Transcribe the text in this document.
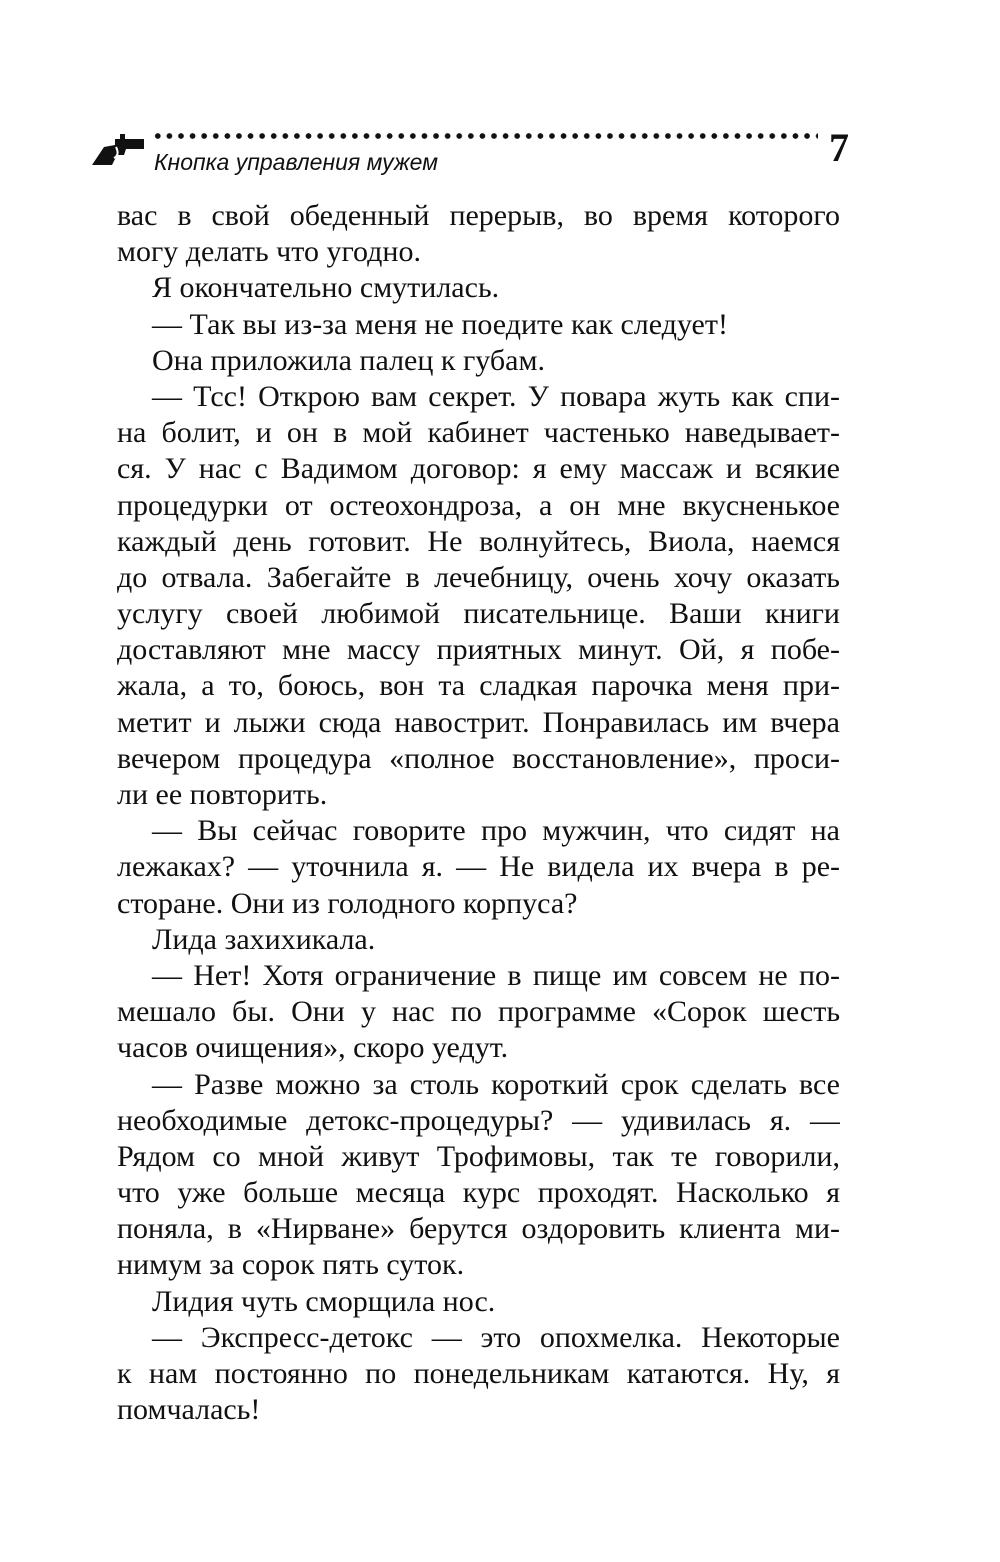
Кнопка управления мужем	7
вас в свой обеденный перерыв, во время которого
могу делать что угодно.
Я окончательно смутилась.
— Так вы из-за меня не поедите как следует!
Она приложила палец к губам.
— Тсс! Открою вам секрет. У повара жуть как спи-
на болит, и он в мой кабинет частенько наведывает-
ся. У нас с Вадимом договор: я ему массаж и всякие
процедурки от остеохондроза, а он мне вкусненькое
каждый день готовит. Не волнуйтесь, Виола, наемся
до отвала. Забегайте в лечебницу, очень хочу оказать
услугу своей любимой писательнице. Ваши книги
доставляют мне массу приятных минут. Ой, я побе-
жала, а то, боюсь, вон та сладкая парочка меня при-
метит и лыжи сюда навострит. Понравилась им вчера
вечером процедура «полное восстановление», проси-
ли ее повторить.
— Вы сейчас говорите про мужчин, что сидят на
лежаках? — уточнила я. — Не видела их вчера в ре-
сторане. Они из голодного корпуса?
Лида захихикала.
— Нет! Хотя ограничение в пище им совсем не по-
мешало бы. Они у нас по программе «Сорок шесть
часов очищения», скоро уедут.
— Разве можно за столь короткий срок сделать все
необходимые детокс-процедуры? — удивилась я. —
Рядом со мной живут Трофимовы, так те говорили,
что уже больше месяца курс проходят. Насколько я
поняла, в «Нирване» берутся оздоровить клиента ми-
нимум за сорок пять суток.
Лидия чуть сморщила нос.
— Экспресс-детокс — это опохмелка. Некоторые
к нам постоянно по понедельникам катаются. Ну, я
помчалась!
